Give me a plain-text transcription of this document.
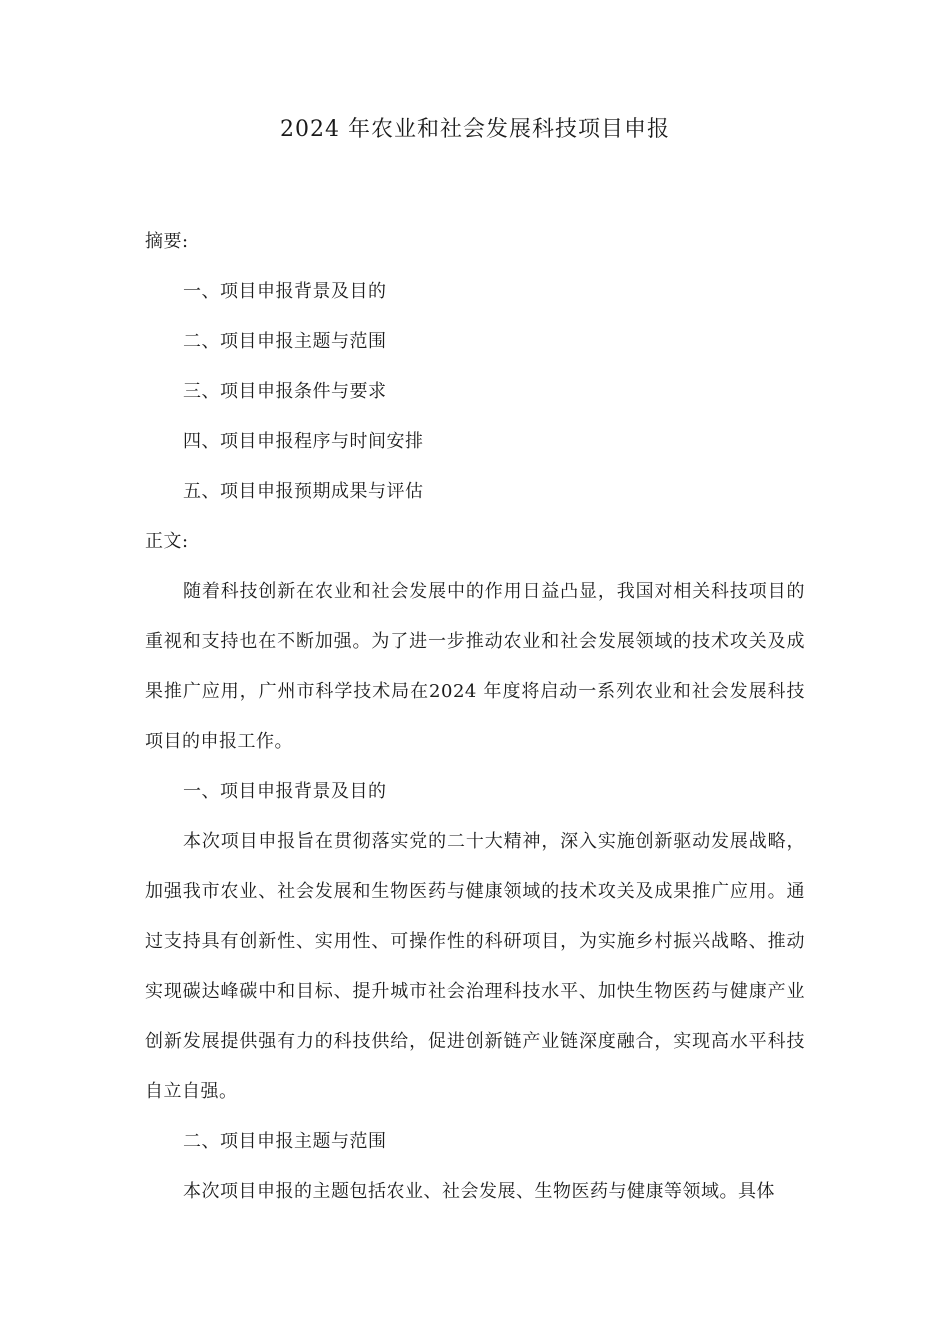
2024 年农业和社会发展科技项目申报

摘要:

一、项目申报背景及目的

二、项目申报主题与范围

三、项目申报条件与要求

四、项目申报程序与时间安排

五、项目申报预期成果与评估

正文:

随着科技创新在农业和社会发展中的作用日益凸显，我国对相关科技项目的重视和支持也在不断加强。为了进一步推动农业和社会发展领域的技术攻关及成果推广应用，广州市科学技术局在2024 年度将启动一系列农业和社会发展科技项目的申报工作。

一、项目申报背景及目的

本次项目申报旨在贯彻落实党的二十大精神，深入实施创新驱动发展战略，加强我市农业、社会发展和生物医药与健康领域的技术攻关及成果推广应用。通过支持具有创新性、实用性、可操作性的科研项目，为实施乡村振兴战略、推动实现碳达峰碳中和目标、提升城市社会治理科技水平、加快生物医药与健康产业创新发展提供强有力的科技供给，促进创新链产业链深度融合，实现高水平科技自立自强。

二、项目申报主题与范围

本次项目申报的主题包括农业、社会发展、生物医药与健康等领域。具体
